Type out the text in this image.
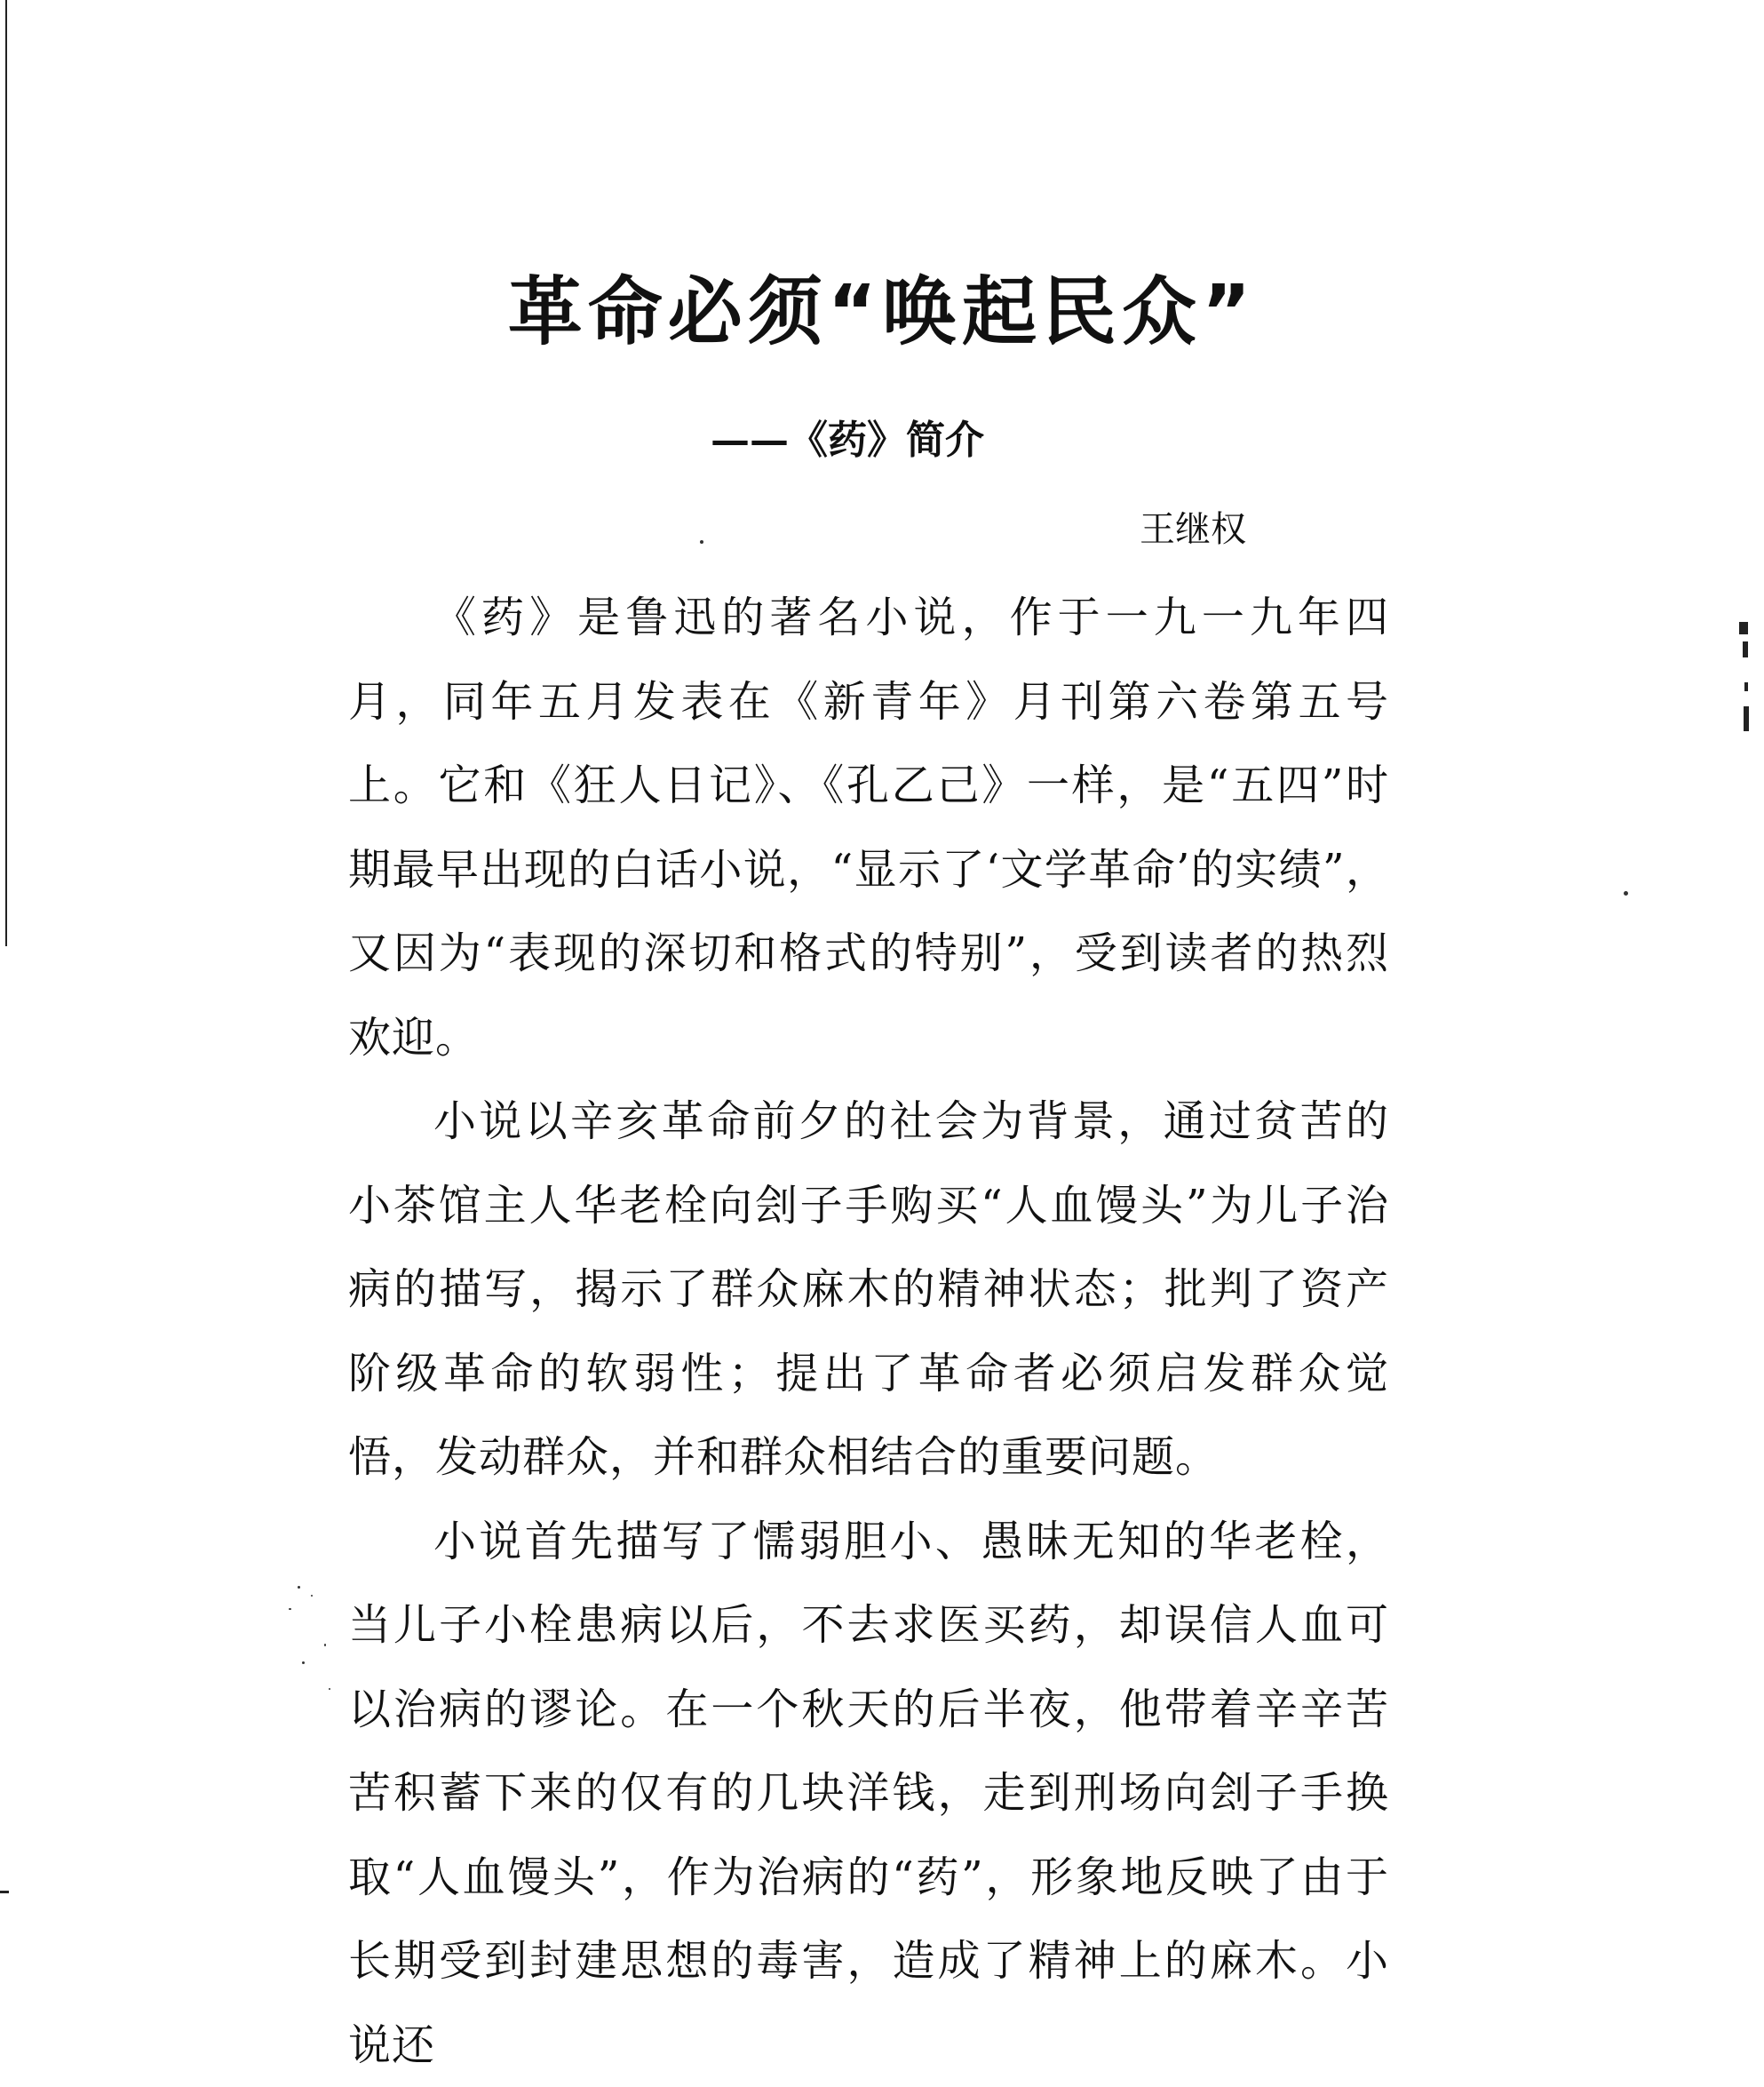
革命必须“唤起民众”
——《药》简介
王继权

《药》是鲁迅的著名小说，作于一九一九年四月，同年五月发表在《新青年》月刊第六卷第五号上。它和《狂人日记》、《孔乙己》一样，是“五四”时期最早出现的白话小说，“显示了‘文学革命’的实绩”，又因为“表现的深切和格式的特别”，受到读者的热烈欢迎。

小说以辛亥革命前夕的社会为背景，通过贫苦的小茶馆主人华老栓向刽子手购买“人血馒头”为儿子治病的描写，揭示了群众麻木的精神状态；批判了资产阶级革命的软弱性；提出了革命者必须启发群众觉悟，发动群众，并和群众相结合的重要问题。

小说首先描写了懦弱胆小、愚昧无知的华老栓，当儿子小栓患病以后，不去求医买药，却误信人血可以治病的谬论。在一个秋天的后半夜，他带着辛辛苦苦积蓄下来的仅有的几块洋钱，走到刑场向刽子手换取“人血馒头”，作为治病的“药”，形象地反映了由于长期受到封建思想的毒害，造成了精神上的麻木。小说还
